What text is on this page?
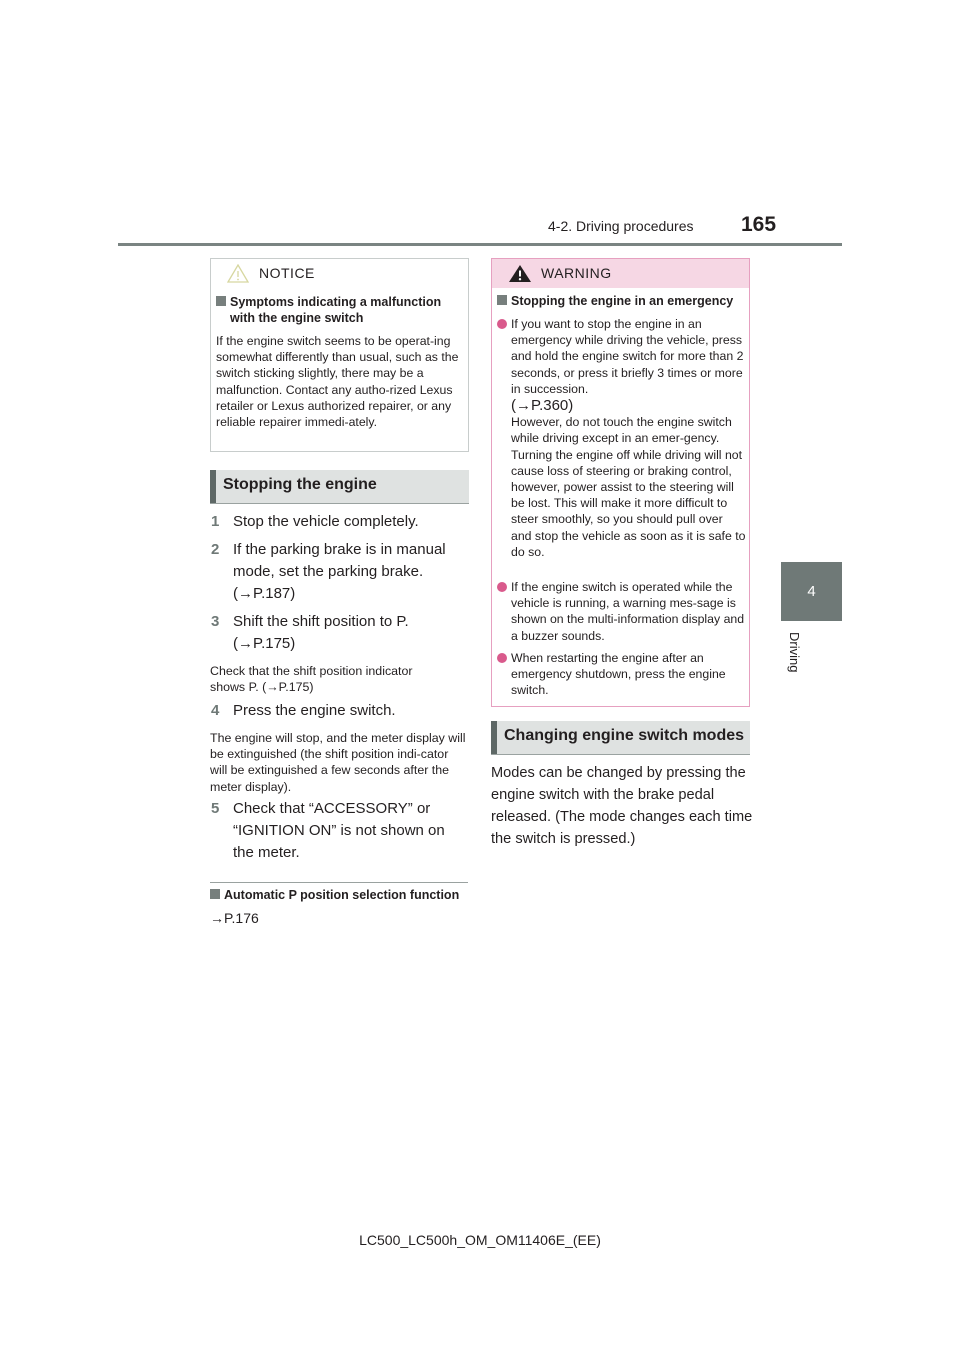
4-2. Driving procedures 165
4
Driving
NOTICE
Symptoms indicating a malfunction with the engine switch
If the engine switch seems to be operat-ing somewhat differently than usual, such as the switch sticking slightly, there may be a malfunction. Contact any autho-rized Lexus retailer or Lexus authorized repairer, or any reliable repairer immedi-ately.
Stopping the engine
1 Stop the vehicle completely.
2 If the parking brake is in manual mode, set the parking brake.
(→P.187)
3 Shift the shift position to P.
(→P.175)
Check that the shift position indicator shows P. (→P.175)
4 Press the engine switch.
The engine will stop, and the meter display will be extinguished (the shift position indi-cator will be extinguished a few seconds after the meter display).
5 Check that “ACCESSORY” or “IGNITION ON” is not shown on the meter.
Automatic P position selection function
→P.176
WARNING
Stopping the engine in an emergency
If you want to stop the engine in an emergency while driving the vehicle, press and hold the engine switch for more than 2 seconds, or press it briefly 3 times or more in succession.
(→P.360)
However, do not touch the engine switch while driving except in an emer-gency. Turning the engine off while driving will not cause loss of steering or braking control, however, power assist to the steering will be lost. This will make it more difficult to steer smoothly, so you should pull over and stop the vehicle as soon as it is safe to do so.
If the engine switch is operated while the vehicle is running, a warning mes-sage is shown on the multi-information display and a buzzer sounds.
When restarting the engine after an emergency shutdown, press the engine switch.
Changing engine switch modes
Modes can be changed by pressing the engine switch with the brake pedal released. (The mode changes each time the switch is pressed.)
LC500_LC500h_OM_OM11406E_(EE)
